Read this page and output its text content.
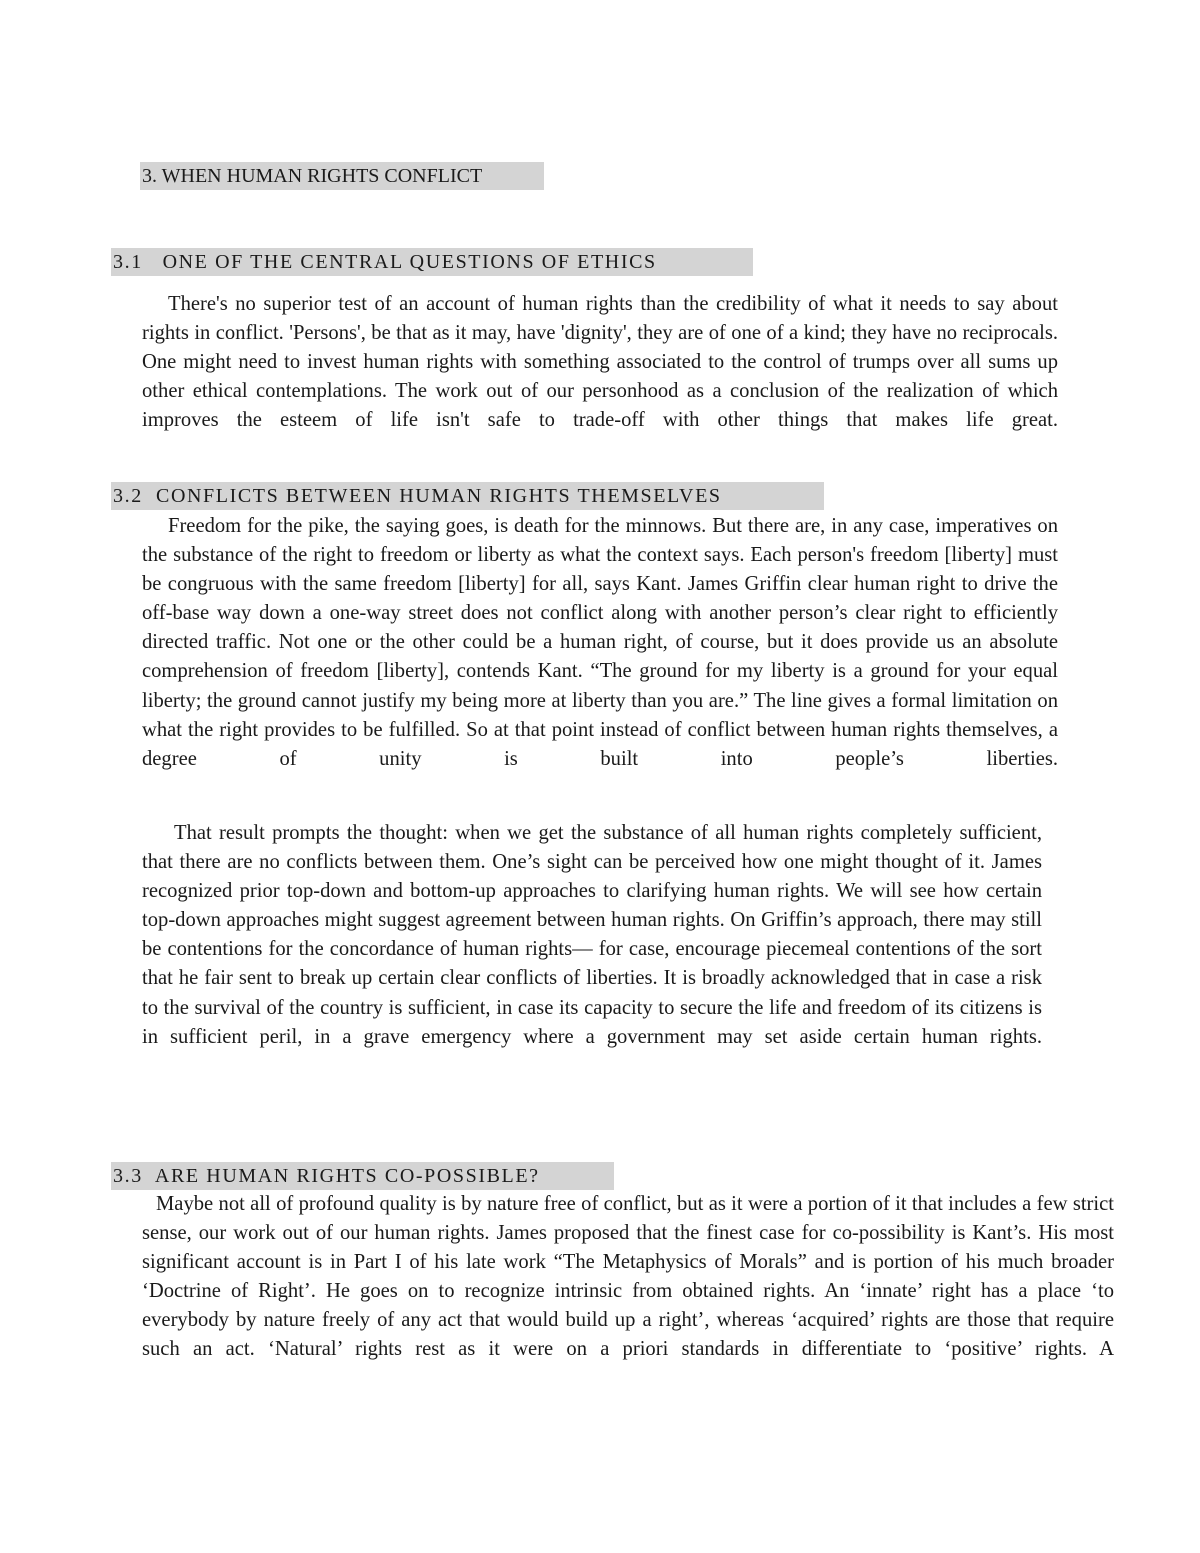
3. WHEN HUMAN RIGHTS CONFLICT
3.1   ONE OF THE CENTRAL QUESTIONS OF ETHICS

There's no superior test of an account of human rights than the credibility of what it needs to say about rights in conflict. 'Persons', be that as it may, have 'dignity', they are of one of a kind; they have no reciprocals. One might need to invest human rights with something associated to the control of trumps over all sums up other ethical contemplations. The work out of our personhood as a conclusion of the realization of which improves the esteem of life isn't safe to trade-off with other things that makes life great.

3.2  CONFLICTS BETWEEN HUMAN RIGHTS THEMSELVES

Freedom for the pike, the saying goes, is death for the minnows. But there are, in any case, imperatives on the substance of the right to freedom or liberty as what the context says. Each person's freedom [liberty] must be congruous with the same freedom [liberty] for all, says Kant. James Griffin clear human right to drive the off-base way down a one-way street does not conflict along with another person’s clear right to efficiently directed traffic. Not one or the other could be a human right, of course, but it does provide us an absolute comprehension of freedom [liberty], contends Kant. “The ground for my liberty is a ground for your equal liberty; the ground cannot justify my being more at liberty than you are.” The line gives a formal limitation on what the right provides to be fulfilled. So at that point instead of conflict between human rights themselves, a degree of unity is built into people’s liberties.

That result prompts the thought: when we get the substance of all human rights completely sufficient, that there are no conflicts between them. One’s sight can be perceived how one might thought of it. James recognized prior top-down and bottom-up approaches to clarifying human rights. We will see how certain top-down approaches might suggest agreement between human rights. On Griffin’s approach, there may still be contentions for the concordance of human rights— for case, encourage piecemeal contentions of the sort that he fair sent to break up certain clear conflicts of liberties. It is broadly acknowledged that in case a risk to the survival of the country is sufficient, in case its capacity to secure the life and freedom of its citizens is in sufficient peril, in a grave emergency where a government may set aside certain human rights.

3.3  ARE HUMAN RIGHTS CO-POSSIBLE?

Maybe not all of profound quality is by nature free of conflict, but as it were a portion of it that includes a few strict sense, our work out of our human rights. James proposed that the finest case for co-possibility is Kant’s. His most significant account is in Part I of his late work “The Metaphysics of Morals” and is portion of his much broader ‘Doctrine of Right’. He goes on to recognize intrinsic from obtained rights. An ‘innate’ right has a place ‘to everybody by nature freely of any act that would build up a right’, whereas ‘acquired’ rights are those that require such an act. ‘Natural’ rights rest as it were on a priori standards in differentiate to ‘positive’ rights. A
